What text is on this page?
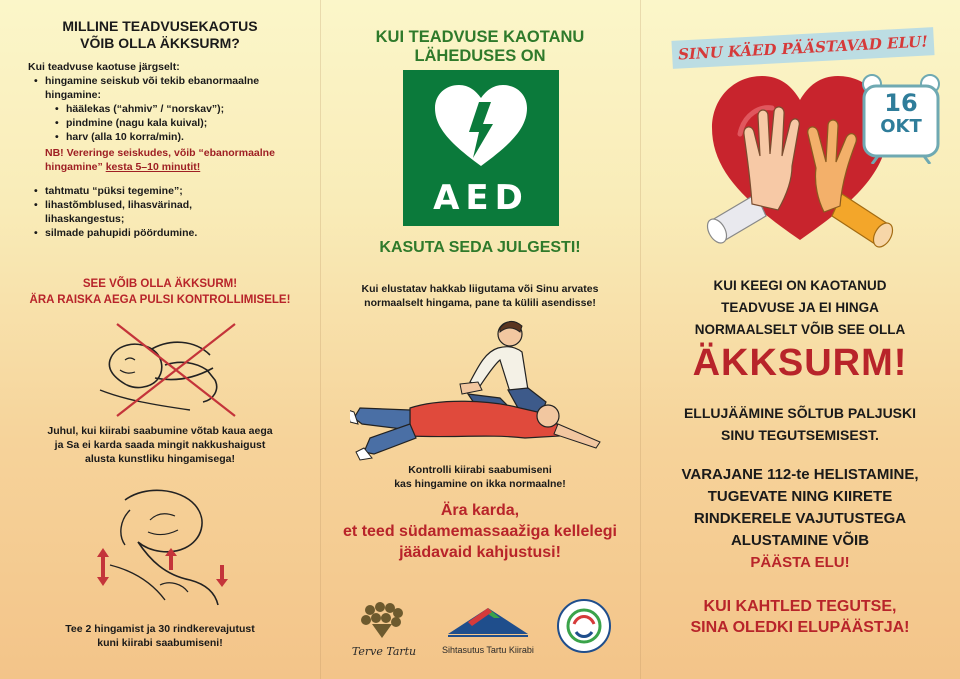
MILLINE TEADVUSEKAOTUS
VÕIB OLLA ÄKKSURM?
Kui teadvuse kaotuse järgselt:
• hingamine seiskub või tekib ebanormaalne hingamine:
• häälekas (“ahmiv” / “norskav”);
• pindmine (nagu kala kuival);
• harv (alla 10 korra/min).
NB! Vereringe seiskudes, võib “ebanormaalne hingamine” kesta 5–10 minutit!
• tahtmatu “püksi tegemine”;
• lihastõmblused, lihasvärinad, lihaskangestus;
• silmade pahupidi pöördumine.
SEE VÕIB OLLA ÄKKSURM!
ÄRA RAISKA AEGA PULSI KONTROLLIMISELE!
Juhul, kui kiirabi saabumine võtab kaua aega
ja Sa ei karda saada mingit nakkushaigust
alusta kunstliku hingamisega!
Tee 2 hingamist ja 30 rindkerevajutust
kuni kiirabi saabumiseni!
KUI TEADVUSE KAOTANU
LÄHEDUSES ON
AED
KASUTA SEDA JULGESTI!
Kui elustatav hakkab liigutama või Sinu arvates
normaalselt hingama, pane ta külili asendisse!
Kontrolli kiirabi saabumiseni
kas hingamine on ikka normaalne!
Ära karda,
et teed südamemassaažiga kellelegi
jäädavaid kahjustusi!
Terve Tartu	Sihtasutus Tartu Kiirabi
16
OKT
SINU KÄED PÄÄSTAVAD ELU!
KUI KEEGI ON KAOTANUD
TEADVUSE JA EI HINGA
NORMAALSELT VÕIB SEE OLLA
ÄKKSURM!
ELLUJÄÄMINE SÕLTUB PALJUSKI
SINU TEGUTSEMISEST.
VARAJANE 112-te HELISTAMINE,
TUGEVATE NING KIIRETE
RINDKERELE VAJUTUSTEGA
ALUSTAMINE VÕIB
PÄÄSTA ELU!
KUI KAHTLED TEGUTSE,
SINA OLEDKI ELUPÄÄSTJA!
